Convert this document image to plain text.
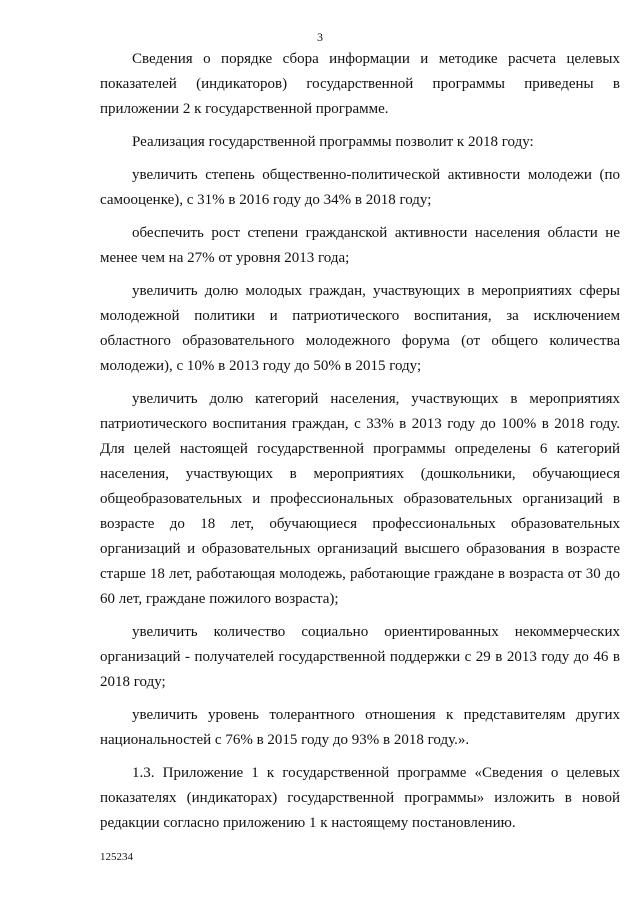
3

Сведения о порядке сбора информации и методике расчета целевых показателей (индикаторов) государственной программы приведены в приложении 2 к государственной программе.

Реализация государственной программы позволит к 2018 году:

увеличить степень общественно-политической активности молодежи (по самооценке), с 31% в 2016 году до 34% в 2018 году;

обеспечить рост степени гражданской активности населения области не менее чем на 27% от уровня 2013 года;

увеличить долю молодых граждан, участвующих в мероприятиях сферы молодежной политики и патриотического воспитания, за исключением областного образовательного молодежного форума (от общего количества молодежи), с 10% в 2013 году до 50% в 2015 году;

увеличить долю категорий населения, участвующих в мероприятиях патриотического воспитания граждан, с 33% в 2013 году до 100% в 2018 году. Для целей настоящей государственной программы определены 6 категорий населения, участвующих в мероприятиях (дошкольники, обучающиеся общеобразовательных и профессиональных образовательных организаций в возрасте до 18 лет, обучающиеся профессиональных образовательных организаций и образовательных организаций высшего образования в возрасте старше 18 лет, работающая молодежь, работающие граждане в возраста от 30 до 60 лет, граждане пожилого возраста);

увеличить количество социально ориентированных некоммерческих организаций - получателей государственной поддержки с 29 в 2013 году до 46 в 2018 году;

увеличить уровень толерантного отношения к представителям других национальностей с 76% в 2015 году до 93% в 2018 году.».

1.3. Приложение 1 к государственной программе «Сведения о целевых показателях (индикаторах) государственной программы» изложить в новой редакции согласно приложению 1 к настоящему постановлению.

125234
